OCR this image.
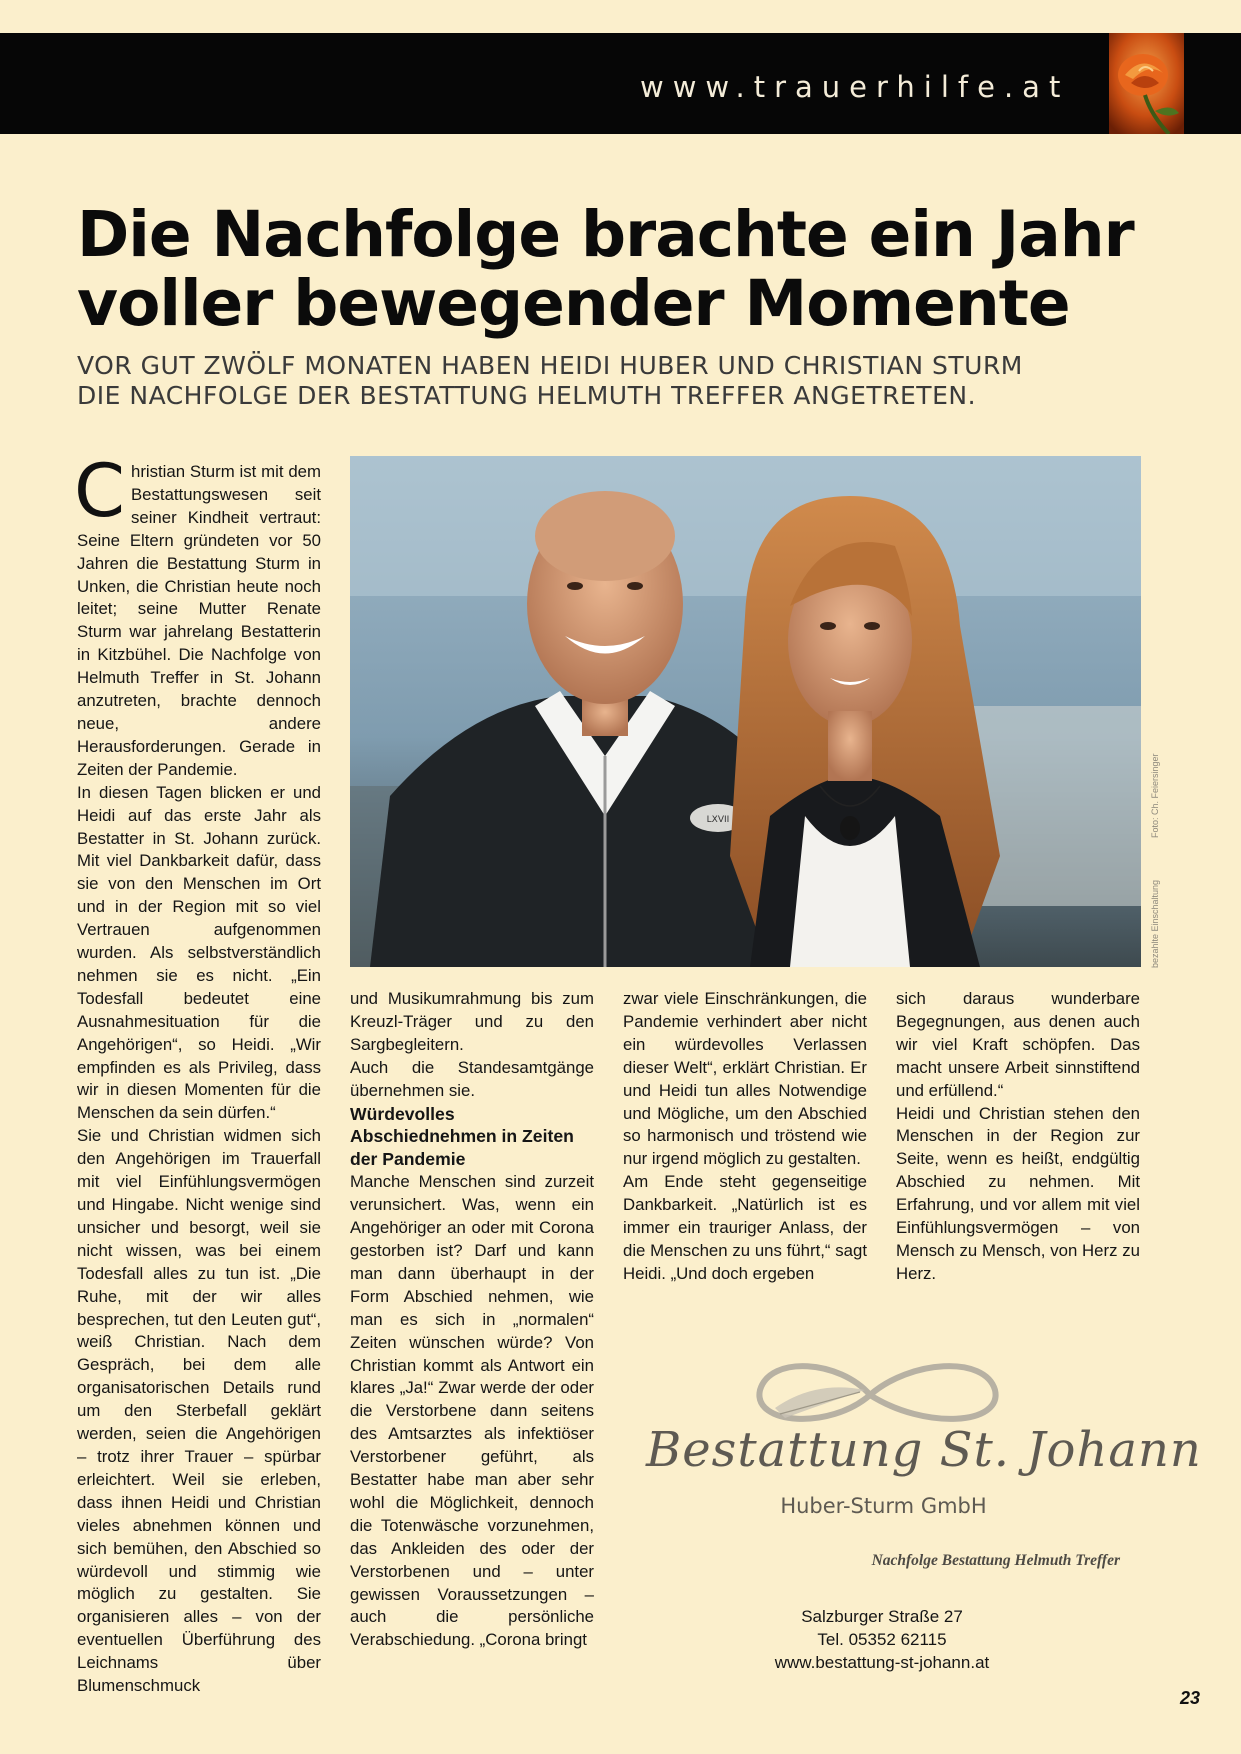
www.trauerhilfe.at
Die Nachfolge brachte ein Jahr
voller bewegender Momente
VOR GUT ZWÖLF MONATEN HABEN HEIDI HUBER UND CHRISTIAN STURM
DIE NACHFOLGE DER BESTATTUNG HELMUTH TREFFER ANGETRETEN.

C hristian Sturm ist mit dem Bestattungswesen seit seiner Kindheit vertraut: Seine Eltern gründeten vor 50 Jahren die Bestattung Sturm in Unken, die Christian heute noch leitet; seine Mutter Renate Sturm war jahrelang Bestatterin in Kitzbühel. Die Nachfolge von Helmuth Treffer in St. Johann anzutreten, brachte dennoch neue, andere Herausforderungen. Gerade in Zeiten der Pandemie.

In diesen Tagen blicken er und Heidi auf das erste Jahr als Bestatter in St. Johann zurück. Mit viel Dankbarkeit dafür, dass sie von den Menschen im Ort und in der Region mit so viel Vertrauen aufgenommen wurden. Als selbstverständlich nehmen sie es nicht. „Ein Todesfall bedeutet eine Ausnahmesituation für die Angehörigen“, so Heidi. „Wir empfinden es als Privileg, dass wir in diesen Momenten für die Menschen da sein dürfen.“

Sie und Christian widmen sich den Angehörigen im Trauerfall mit viel Einfühlungsvermögen und Hingabe. Nicht wenige sind unsicher und besorgt, weil sie nicht wissen, was bei einem Todesfall alles zu tun ist. „Die Ruhe, mit der wir alles besprechen, tut den Leuten gut“, weiß Christian. Nach dem Gespräch, bei dem alle organisatorischen Details rund um den Sterbefall geklärt werden, seien die Angehörigen – trotz ihrer Trauer – spürbar erleichtert. Weil sie erleben, dass ihnen Heidi und Christian vieles abnehmen können und sich bemühen, den Abschied so würdevoll und stimmig wie möglich zu gestalten. Sie organisieren alles – von der eventuellen Überführung des Leichnams über Blumenschmuck

LXVII	Foto: Ch. Feiersinger
bezahlte Einschaltung

und Musikumrahmung bis zum Kreuzl-Träger und zu den Sargbegleitern.

Auch die Standesamtgänge übernehmen sie.

Würdevolles Abschiednehmen in Zeiten der Pandemie

Manche Menschen sind zurzeit verunsichert. Was, wenn ein Angehöriger an oder mit Corona gestorben ist? Darf und kann man dann überhaupt in der Form Abschied nehmen, wie man es sich in „normalen“ Zeiten wünschen würde? Von Christian kommt als Antwort ein klares „Ja!“ Zwar werde der oder die Verstorbene dann seitens des Amtsarztes als infektiöser Verstorbener geführt, als Bestatter habe man aber sehr wohl die Möglichkeit, dennoch die Totenwäsche vorzunehmen, das Ankleiden des oder der Verstorbenen und – unter gewissen Voraussetzungen – auch die persönliche Verabschiedung. „Corona bringt

zwar viele Einschränkungen, die Pandemie verhindert aber nicht ein würdevolles Verlassen dieser Welt“, erklärt Christian. Er und Heidi tun alles Notwendige und Mögliche, um den Abschied so harmonisch und tröstend wie nur irgend möglich zu gestalten.

Am Ende steht gegenseitige Dankbarkeit. „Natürlich ist es immer ein trauriger Anlass, der die Menschen zu uns führt,“ sagt Heidi. „Und doch ergeben

sich daraus wunderbare Begegnungen, aus denen auch wir viel Kraft schöpfen. Das macht unsere Arbeit sinnstiftend und erfüllend.“

Heidi und Christian stehen den Menschen in der Region zur Seite, wenn es heißt, endgültig Abschied zu nehmen. Mit Erfahrung, und vor allem mit viel Einfühlungsvermögen – von Mensch zu Mensch, von Herz zu Herz.

Bestattung St. Johann
Huber-Sturm GmbH
Nachfolge Bestattung Helmuth Treffer
Salzburger Straße 27
Tel. 05352 62115
www.bestattung-st-johann.at
23
